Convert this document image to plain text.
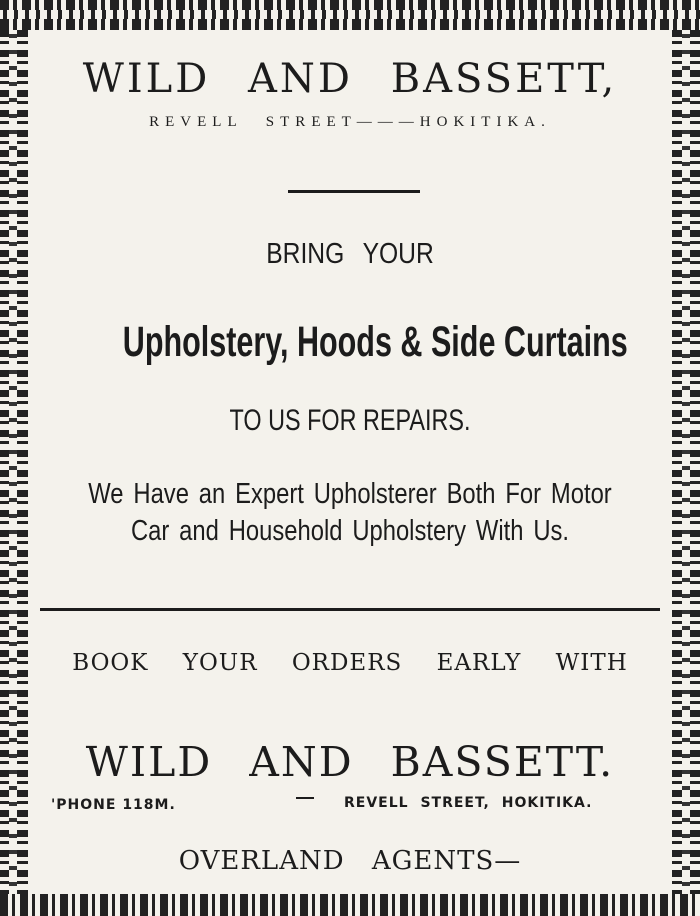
WILD AND BASSETT,
REVELL STREET———HOKITIKA.
BRING YOUR
Upholstery, Hoods & Side Curtains
TO US FOR REPAIRS.
We Have an Expert Upholsterer Both For Motor
Car and Household Upholstery With Us.
BOOK YOUR ORDERS EARLY WITH
WILD AND BASSETT.
'PHONE 118M.	REVELL STREET, HOKITIKA.
OVERLAND AGENTS—
